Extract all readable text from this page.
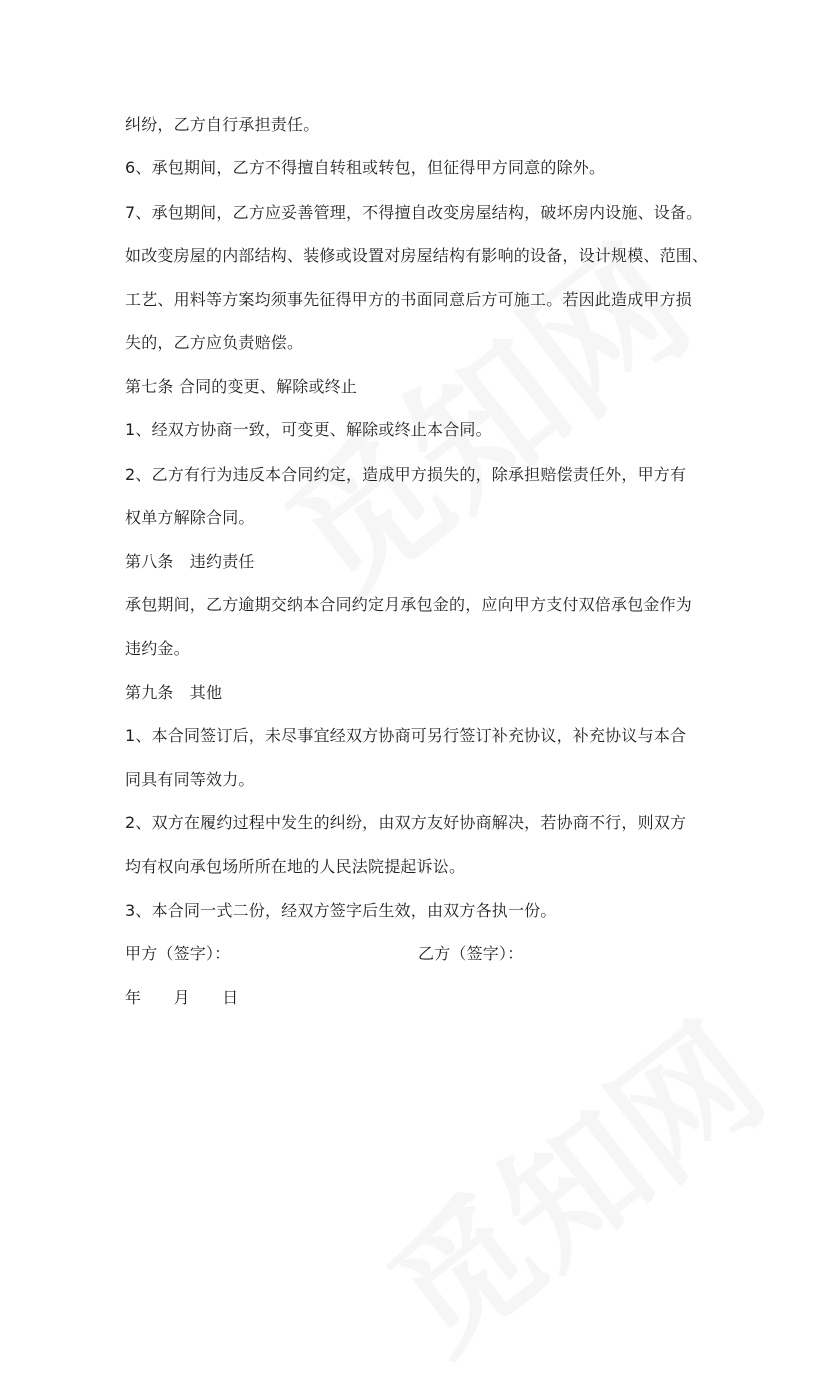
纠纷，乙方自行承担责任。
6、承包期间，乙方不得擅自转租或转包，但征得甲方同意的除外。
7、承包期间，乙方应妥善管理，不得擅自改变房屋结构，破坏房内设施、设备。
如改变房屋的内部结构、装修或设置对房屋结构有影响的设备，设计规模、范围、
工艺、用料等方案均须事先征得甲方的书面同意后方可施工。若因此造成甲方损
失的，乙方应负责赔偿。
第七条 合同的变更、解除或终止
1、经双方协商一致，可变更、解除或终止本合同。
2、乙方有行为违反本合同约定，造成甲方损失的，除承担赔偿责任外，甲方有
权单方解除合同。
第八条　违约责任
承包期间，乙方逾期交纳本合同约定月承包金的，应向甲方支付双倍承包金作为
违约金。
第九条　其他
1、本合同签订后，未尽事宜经双方协商可另行签订补充协议，补充协议与本合
同具有同等效力。
2、双方在履约过程中发生的纠纷，由双方友好协商解决，若协商不行，则双方
均有权向承包场所所在地的人民法院提起诉讼。
3、本合同一式二份，经双方签字后生效，由双方各执一份。
甲方（签字）：	乙方（签字）：
年　　月　　日
